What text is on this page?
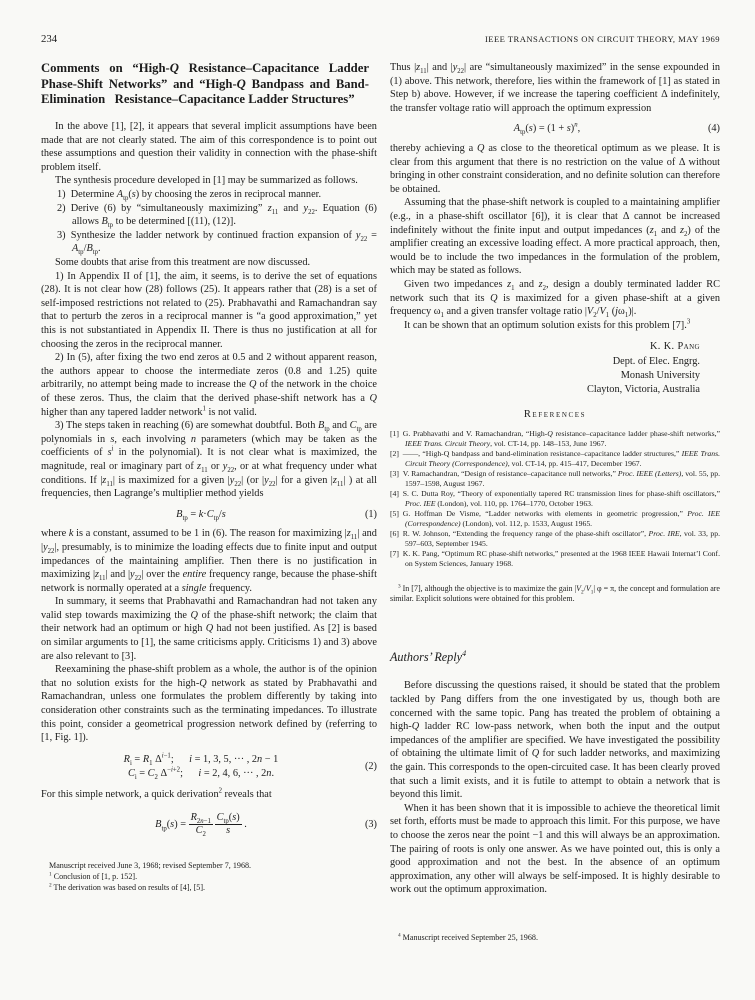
234	IEEE TRANSACTIONS ON CIRCUIT THEORY, MAY 1969
Comments on “High-Q Resistance–Capacitance Ladder Phase-Shift Networks” and “High-Q Bandpass and Band-Elimination  Resistance–Capacitance Ladder Structures”

In the above [1], [2], it appears that several implicit assumptions have been made that are not clearly stated. The aim of this correspondence is to point out these assumptions and question their validity in connection with the phase-shift problem itself.

The synthesis procedure developed in [1] may be summarized as follows.

1) Determine $A_{tp}(s)$ by choosing the zeros in reciprocal manner.

2) Derive (6) by “simultaneously maximizing” $z_{11}$ and $y_{22}$. Equation (6) allows $B_{tp}$ to be determined [(11), (12)].

3) Synthesize the ladder network by continued fraction expansion of $y_{22} = A_{tp}/B_{tp}$.

Some doubts that arise from this treatment are now discussed.

1) In Appendix II of [1], the aim, it seems, is to derive the set of equations (28). It is not clear how (28) follows (25). It appears rather that (28) is a set of self-imposed restrictions not related to (25). Prabhavathi and Ramachandran say that to perturb the zeros in a reciprocal manner is “a good approximation,” yet this is not substantiated in Appendix II. There is thus no justification at all for choosing the zeros in the reciprocal manner.

2) In (5), after fixing the two end zeros at 0.5 and 2 without apparent reason, the authors appear to choose the intermediate zeros (0.8 and 1.25) quite arbitrarily, no attempt being made to increase the Q of the network in the choice of these zeros. Thus, the claim that the derived phase-shift network has a Q higher than any tapered ladder network$^1$ is not valid.

3) The steps taken in reaching (6) are somewhat doubtful. Both $B_{tp}$ and $C_{tp}$ are polynomials in s, each involving n parameters (which may be taken as the coefficients of $s^i$ in the polynomial). It is not clear what is maximized, the magnitude, real or imaginary part of $z_{11}$ or $y_{22}$, or at what frequency under what conditions. If $|z_{11}|$ is maximized for a given $|y_{22}|$ (or $|y_{22}|$ for a given $|z_{11}|$ ) at all frequencies, then Lagrange’s multiplier method yields

$B_{tp} = k\cdot C_{tp}/s$	(1)

where k is a constant, assumed to be 1 in (6). The reason for maximizing $|z_{11}|$ and $|y_{22}|$, presumably, is to minimize the loading effects due to finite input and output impedances of the maintaining amplifier. Then there is no justification in maximizing $|z_{11}|$ and $|y_{22}|$ over the entire frequency range, because the phase-shift network is normally operated at a single frequency.

In summary, it seems that Prabhavathi and Ramachandran had not taken any valid step towards maximizing the Q of the phase-shift network; the claim that their network had an optimum or high Q had not been justified. As [2] is based on similar arguments to [1], the same criticisms apply. Criticisms 1) and 3) above are also relevant to [3].

Reexamining the phase-shift problem as a whole, the author is of the opinion that no solution exists for the high-Q network as stated by Prabhavathi and Ramachandran, unless one formulates the problem differently by taking into consideration other constraints such as the terminating impedances. To illustrate this point, consider a geometrical progression network defined by (referring to [1, Fig. 1]).

$R_i = R_1$ $\Delta^{i-1}$;  i = 1, 3, 5, ··· , 2n − 1
$C_i = C_2$ $\Delta^{-i+2}$;  i = 2, 4, 6, ··· , 2n.
(2)

For this simple network, a quick derivation$^2$ reveals that

$B_{tp}(s) = \frac{R_{2n-1}}{C_2}$
  $\frac{C_{tp}(s)}{s}$ .	(3)
Manuscript received June 3, 1968; revised September 7, 1968.
$^1$ Conclusion of [1, p. 152].
$^2$ The derivation was based on results of [4], [5].

Thus $|z_{11}|$ and $|y_{22}|$ are “simultaneously maximized” in the sense expounded in (1) above. This network, therefore, lies within the framework of [1] as stated in Step b) above. However, if we increase the tapering coefficient Δ indefinitely, the transfer voltage ratio will approach the optimum expression

$A_{tp}(s) = (1 + s)^n$,	(4)

thereby achieving a Q as close to the theoretical optimum as we please. It is clear from this argument that there is no restriction on the value of Δ without bringing in other constraint consideration, and no definite solution can therefore be obtained.

Assuming that the phase-shift network is coupled to a maintaining amplifier (e.g., in a phase-shift oscillator [6]), it is clear that Δ cannot be increased indefinitely without the finite input and output impedances ($z_1$ and $z_2$) of the amplifier creating an excessive loading effect. A more practical approach, then, would be to include the two impedances in the formulation of the problem, which may be stated as follows.

Given two impedances $z_1$ and $z_2$, design a doubly terminated ladder RC network such that its Q is maximized for a given phase-shift at a given frequency $\omega_1$ and a given transfer voltage ratio $|V_2/V_1$ $(j\omega_1)|$.

It can be shown that an optimum solution exists for this problem [7].$^3$

K. K. Pang
Dept. of Elec. Engrg.
Monash University
Clayton, Victoria, Australia
References
[1] G. Prabhavathi and V. Ramachandran, “High-Q resistance–capacitance ladder phase-shift networks,” IEEE Trans. Circuit Theory, vol. CT-14, pp. 148–153, June 1967.
[2] ——, “High-Q bandpass and band-elimination resistance–capacitance ladder structures,” IEEE Trans. Circuit Theory (Correspondence), vol. CT-14, pp. 415–417, December 1967.
[3] V. Ramachandran, “Design of resistance–capacitance null networks,” Proc. IEEE (Letters), vol. 55, pp. 1597–1598, August 1967.
[4] S. C. Dutta Roy, “Theory of exponentially tapered RC transmission lines for phase-shift oscillators,” Proc. IEE (London), vol. 110, pp. 1764–1770, October 1963.
[5] G. Hoffman De Visme, “Ladder networks with elements in geometric progression,” Proc. IEE (Correspondence) (London), vol. 112, p. 1533, August 1965.
[6] R. W. Johnson, “Extending the frequency range of the phase-shift oscillator”, Proc. IRE, vol. 33, pp. 597–603, September 1945.
[7] K. K. Pang, “Optimum RC phase-shift networks,” presented at the 1968 IEEE Hawaii Internat’l Conf. on System Sciences, January 1968.
$^3$ In [7], although the objective is to maximize the gain $|V_2/V_1|$ φ = π, the concept and formulation are similar. Explicit solutions were obtained for this problem.
Authors’ Reply$^4$

Before discussing the questions raised, it should be stated that the problem tackled by Pang differs from the one investigated by us, though both are concerned with the same topic. Pang has treated the problem of obtaining a high-Q ladder RC low-pass network, when both the input and the output impedances of the amplifier are specified. We have investigated the possibility of obtaining the ultimate limit of Q for such ladder networks, and maximizing the gain. This corresponds to the open-circuited case. It has been clearly proved that such a limit exists, and it is futile to attempt to obtain a network that is beyond this limit.

When it has been shown that it is impossible to achieve the theoretical limit set forth, efforts must be made to approach this limit. For this purpose, we have to choose the zeros near the point −1 and this will always be an approximation. The pairing of roots is only one answer. As we have pointed out, this is only a good approximation and not the best. In the absence of an optimum approximation, any other will always be self-imposed. It is highly desirable to work out the optimum approximation.

$^4$ Manuscript received September 25, 1968.
